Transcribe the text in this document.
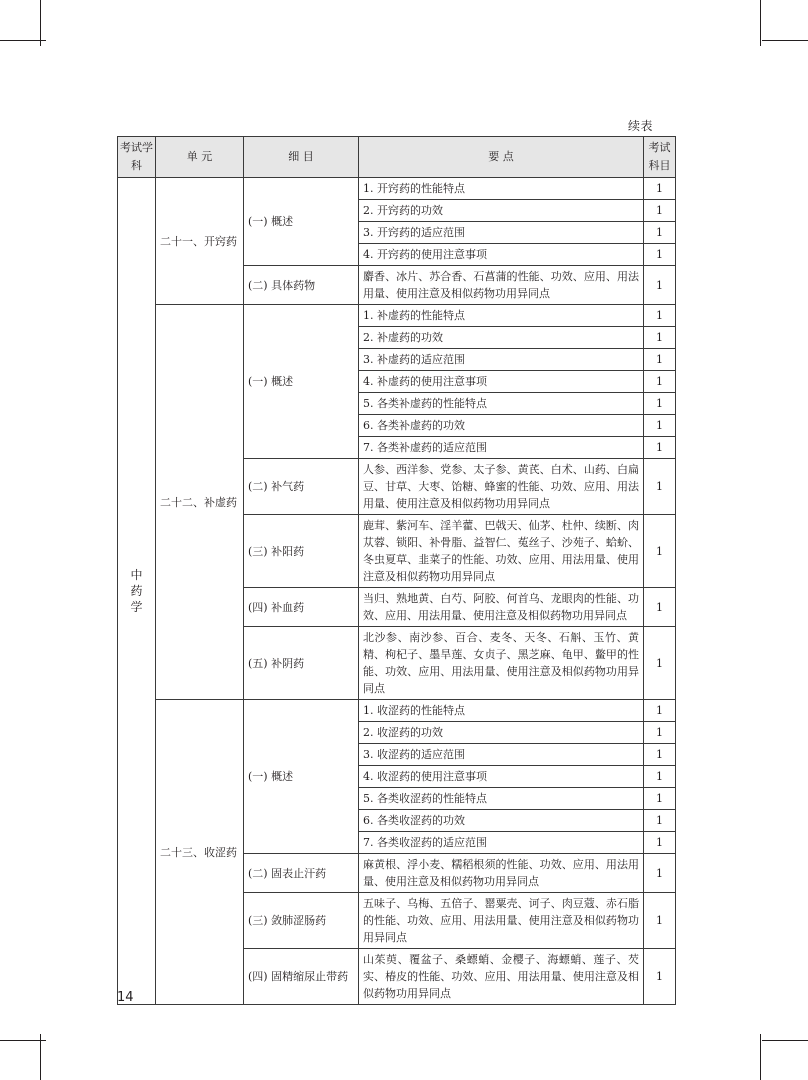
续表
考试学科	单 元	细 目	要 点	考试科目
中药学	二十一、开窍药	(一) 概述	1. 开窍药的性能特点	1
			2. 开窍药的功效	1
			3. 开窍药的适应范围	1
			4. 开窍药的使用注意事项	1
		(二) 具体药物	麝香、冰片、苏合香、石菖蒲的性能、功效、应用、用法用量、使用注意及相似药物功用异同点	1
	二十二、补虚药	(一) 概述	1. 补虚药的性能特点	1
			2. 补虚药的功效	1
			3. 补虚药的适应范围	1
			4. 补虚药的使用注意事项	1
			5. 各类补虚药的性能特点	1
			6. 各类补虚药的功效	1
			7. 各类补虚药的适应范围	1
		(二) 补气药	人参、西洋参、党参、太子参、黄芪、白术、山药、白扁豆、甘草、大枣、饴糖、蜂蜜的性能、功效、应用、用法用量、使用注意及相似药物功用异同点	1
		(三) 补阳药	鹿茸、紫河车、淫羊藿、巴戟天、仙茅、杜仲、续断、肉苁蓉、锁阳、补骨脂、益智仁、菟丝子、沙苑子、蛤蚧、冬虫夏草、韭菜子的性能、功效、应用、用法用量、使用注意及相似药物功用异同点	1
		(四) 补血药	当归、熟地黄、白芍、阿胶、何首乌、龙眼肉的性能、功效、应用、用法用量、使用注意及相似药物功用异同点	1
		(五) 补阴药	北沙参、南沙参、百合、麦冬、天冬、石斛、玉竹、黄精、枸杞子、墨旱莲、女贞子、黑芝麻、龟甲、鳖甲的性能、功效、应用、用法用量、使用注意及相似药物功用异同点	1
	二十三、收涩药	(一) 概述	1. 收涩药的性能特点	1
			2. 收涩药的功效	1
			3. 收涩药的适应范围	1
			4. 收涩药的使用注意事项	1
			5. 各类收涩药的性能特点	1
			6. 各类收涩药的功效	1
			7. 各类收涩药的适应范围	1
		(二) 固表止汗药	麻黄根、浮小麦、糯稻根须的性能、功效、应用、用法用量、使用注意及相似药物功用异同点	1
		(三) 敛肺涩肠药	五味子、乌梅、五倍子、罂粟壳、诃子、肉豆蔻、赤石脂的性能、功效、应用、用法用量、使用注意及相似药物功用异同点	1
		(四) 固精缩尿止带药	山茱萸、覆盆子、桑螵蛸、金樱子、海螵蛸、莲子、芡实、椿皮的性能、功效、应用、用法用量、使用注意及相似药物功用异同点	1
14
